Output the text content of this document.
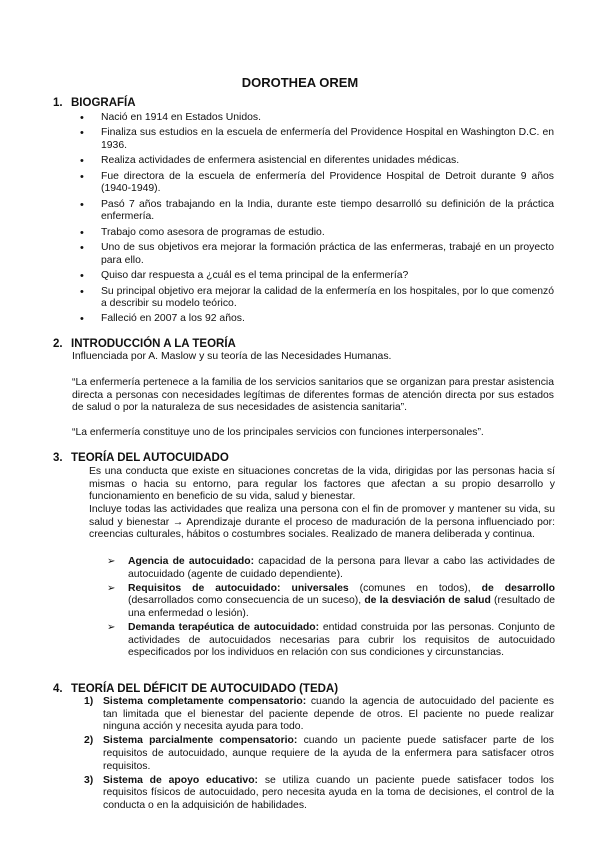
DOROTHEA OREM
1. BIOGRAFÍA
• Nació en 1914 en Estados Unidos.
• Finaliza sus estudios en la escuela de enfermería del Providence Hospital en Washington D.C. en 1936.
• Realiza actividades de enfermera asistencial en diferentes unidades médicas.
• Fue directora de la escuela de enfermería del Providence Hospital de Detroit durante 9 años (1940-1949).
• Pasó 7 años trabajando en la India, durante este tiempo desarrolló su definición de la práctica enfermería.
• Trabajo como asesora de programas de estudio.
• Uno de sus objetivos era mejorar la formación práctica de las enfermeras, trabajé en un proyecto para ello.
• Quiso dar respuesta a ¿cuál es el tema principal de la enfermería?
• Su principal objetivo era mejorar la calidad de la enfermería en los hospitales, por lo que comenzó a describir su modelo teórico.
• Falleció en 2007 a los 92 años.
2. INTRODUCCIÓN A LA TEORÍA
Influenciada por A. Maslow y su teoría de las Necesidades Humanas.
“La enfermería pertenece a la familia de los servicios sanitarios que se organizan para prestar asistencia directa a personas con necesidades legítimas de diferentes formas de atención directa por sus estados de salud o por la naturaleza de sus necesidades de asistencia sanitaria”.
“La enfermería constituye uno de los principales servicios con funciones interpersonales”.
3. TEORÍA DEL AUTOCUIDADO
Es una conducta que existe en situaciones concretas de la vida, dirigidas por las personas hacia sí mismas o hacia su entorno, para regular los factores que afectan a su propio desarrollo y funcionamiento en beneficio de su vida, salud y bienestar.
Incluye todas las actividades que realiza una persona con el fin de promover y mantener su vida, su salud y bienestar → Aprendizaje durante el proceso de maduración de la persona influenciado por: creencias culturales, hábitos o costumbres sociales. Realizado de manera deliberada y continua.
➢ Agencia de autocuidado: capacidad de la persona para llevar a cabo las actividades de autocuidado (agente de cuidado dependiente).
➢ Requisitos de autocuidado: universales (comunes en todos), de desarrollo (desarrollados como consecuencia de un suceso), de la desviación de salud (resultado de una enfermedad o lesión).
➢ Demanda terapéutica de autocuidado: entidad construida por las personas. Conjunto de actividades de autocuidados necesarias para cubrir los requisitos de autocuidado especificados por los individuos en relación con sus condiciones y circunstancias.
4. TEORÍA DEL DÉFICIT DE AUTOCUIDADO (TEDA)
1) Sistema completamente compensatorio: cuando la agencia de autocuidado del paciente es tan limitada que el bienestar del paciente depende de otros. El paciente no puede realizar ninguna acción y necesita ayuda para todo.
2) Sistema parcialmente compensatorio: cuando un paciente puede satisfacer parte de los requisitos de autocuidado, aunque requiere de la ayuda de la enfermera para satisfacer otros requisitos.
3) Sistema de apoyo educativo: se utiliza cuando un paciente puede satisfacer todos los requisitos físicos de autocuidado, pero necesita ayuda en la toma de decisiones, el control de la conducta o en la adquisición de habilidades.
